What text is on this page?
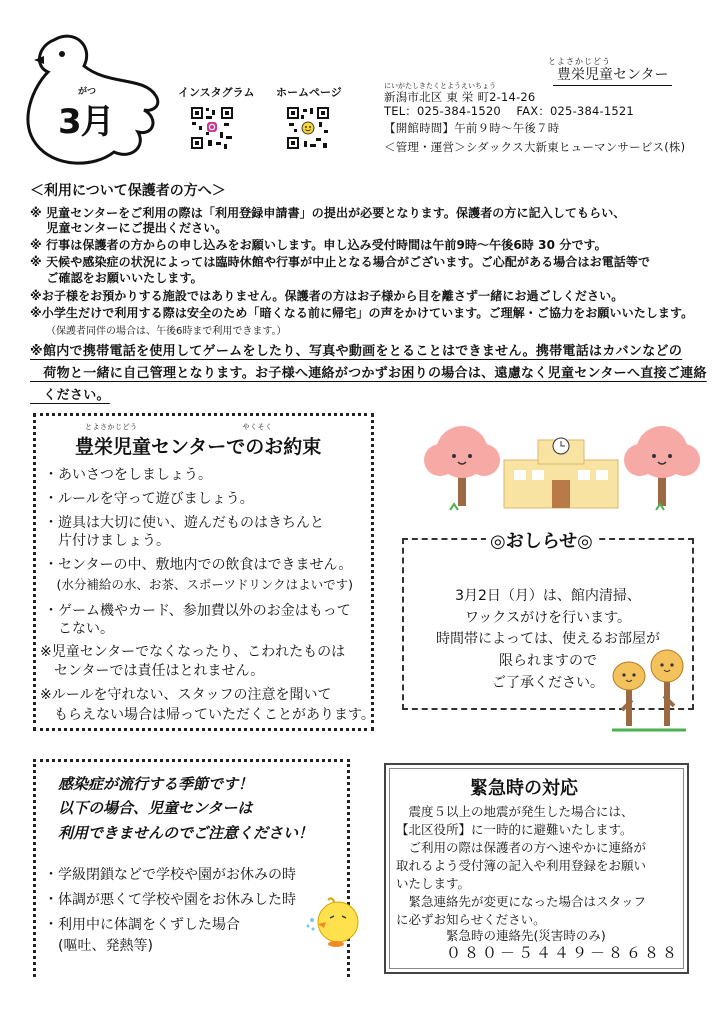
がつ
3月
インスタグラム ホームページ
とよさかじどう
豊栄児童センター
にいがたしきたくとようえいちょう
新潟市北区 東 栄 町2-14-26
TEL：025-384-1520　 FAX：025-384-1521
【開館時間】午前９時～午後７時
＜管理・運営＞シダックス大新東ヒューマンサービス(株)
＜利用について保護者の方へ＞
※ 児童センターをご利用の際は「利用登録申請書」の提出が必要となります。保護者の方に記入してもらい、
　 児童センターにご提出ください。
※ 行事は保護者の方からの申し込みをお願いします。申し込み受付時間は午前9時～午後6時 30 分です。
※ 天候や感染症の状況によっては臨時休館や行事が中止となる場合がございます。ご心配がある場合はお電話等で
　 ご確認をお願いいたします。
※お子様をお預かりする施設ではありません。保護者の方はお子様から目を離さず一緒にお過ごしください。
※小学生だけで利用する際は安全のため「暗くなる前に帰宅」の声をかけています。ご理解・ご協力をお願いいたします。
（保護者同伴の場合は、午後6時まで利用できます。）
※館内で携帯電話を使用してゲームをしたり、写真や動画をとることはできません。携帯電話はカバンなどの
　荷物と一緒に自己管理となります。お子様へ連絡がつかずお困りの場合は、遠慮なく児童センターへ直接ご連絡
　ください。
とよさかじどう　　　　　　　　　　　　　　やくそく
豊栄児童センターでのお約束
・あいさつをしましょう。
・ルールを守って遊びましょう。
・遊具は大切に使い、遊んだものはきちんと
　片付けましょう。
・センターの中、敷地内での飲食はできません。
　(水分補給の水、お茶、スポーツドリンクはよいです)
・ゲーム機やカード、参加費以外のお金はもって
　こない。
※児童センターでなくなったり、こわれたものは
　センターでは責任はとれません。
※ルールを守れない、スタッフの注意を聞いて
　もらえない場合は帰っていただくことがあります。
◎おしらせ◎
3月2日（月）は、館内清掃、
ワックスがけを行います。
時間帯によっては、使えるお部屋が
限られますので
ご了承ください。
感染症が流行する季節です！
以下の場合、児童センターは
利用できませんのでご注意ください！
・学級閉鎖などで学校や園がお休みの時
・体調が悪くて学校や園をお休みした時
・利用中に体調をくずした場合
　(嘔吐、発熱等)
緊急時の対応
　震度５以上の地震が発生した場合には、
【北区役所】に一時的に避難いたします。
　ご利用の際は保護者の方へ速やかに連絡が
取れるよう受付簿の記入や利用登録をお願い
いたします。
　緊急連絡先が変更になった場合はスタッフ
に必ずお知らせください。
緊急時の連絡先(災害時のみ)
０８０－５４４９－８６８８
